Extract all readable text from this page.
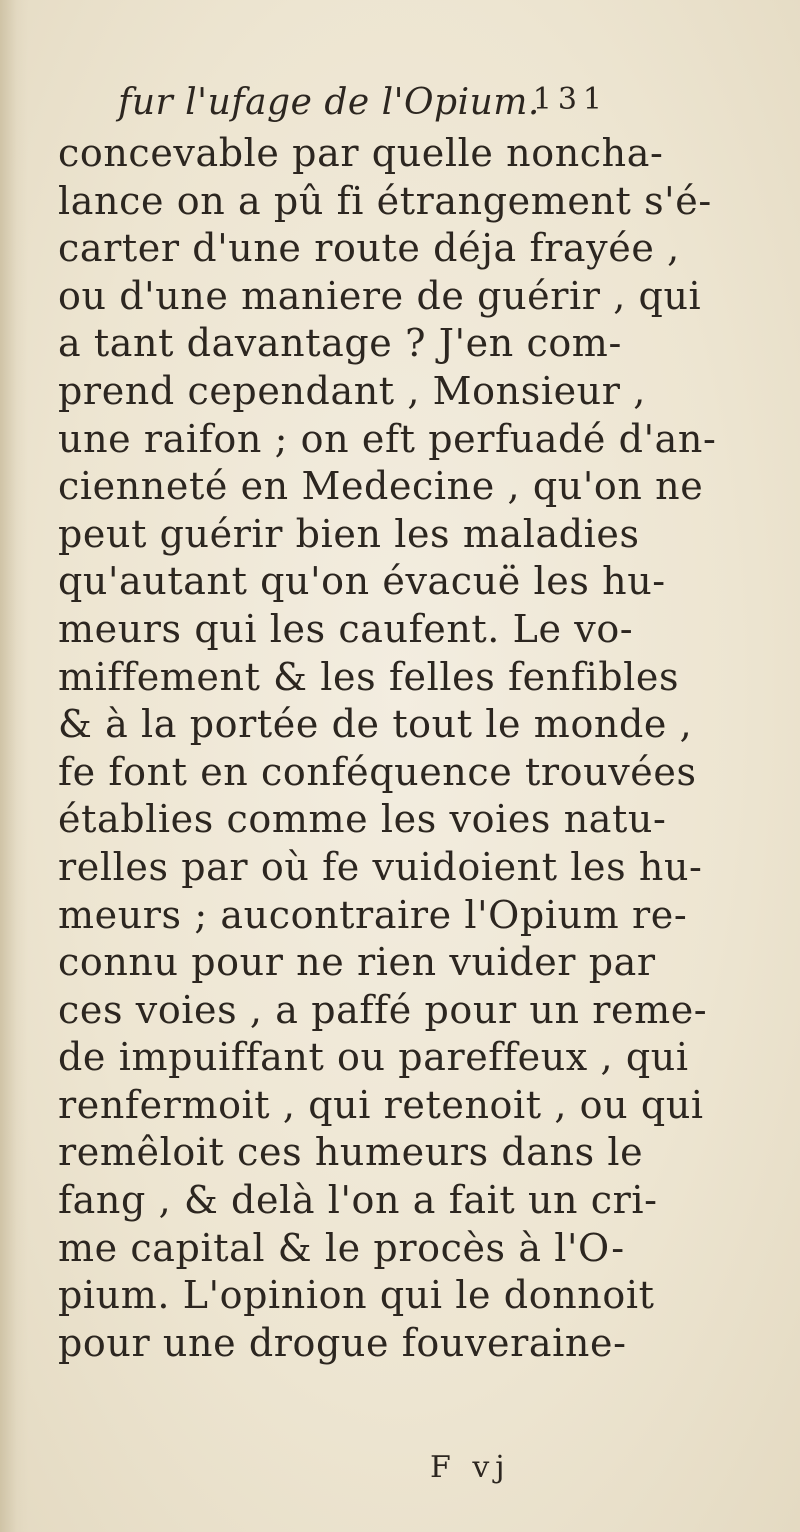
fur l'ufage de l'Opium.
131
concevable par quelle noncha-
lance on a pû fi étrangement s'é-
carter d'une route déja frayée ,
ou d'une maniere de guérir , qui
a tant davantage ? J'en com-
prend cependant , Monsieur ,
une raifon ; on eft perfuadé d'an-
cienneté en Medecine , qu'on ne
peut guérir bien les maladies
qu'autant qu'on évacuë les hu-
meurs qui les caufent. Le vo-
miffement & les felles fenfibles
& à la portée de tout le monde ,
fe font en conféquence trouvées
établies comme les voies natu-
relles par où fe vuidoient les hu-
meurs ; aucontraire l'Opium re-
connu pour ne rien vuider par
ces voies , a paffé pour un reme-
de impuiffant ou pareffeux , qui
renfermoit , qui retenoit , ou qui
remêloit ces humeurs dans le
fang , & delà l'on a fait un cri-
me capital & le procès à l'O-
pium. L'opinion qui le donnoit
pour une drogue fouveraine-
F vj
